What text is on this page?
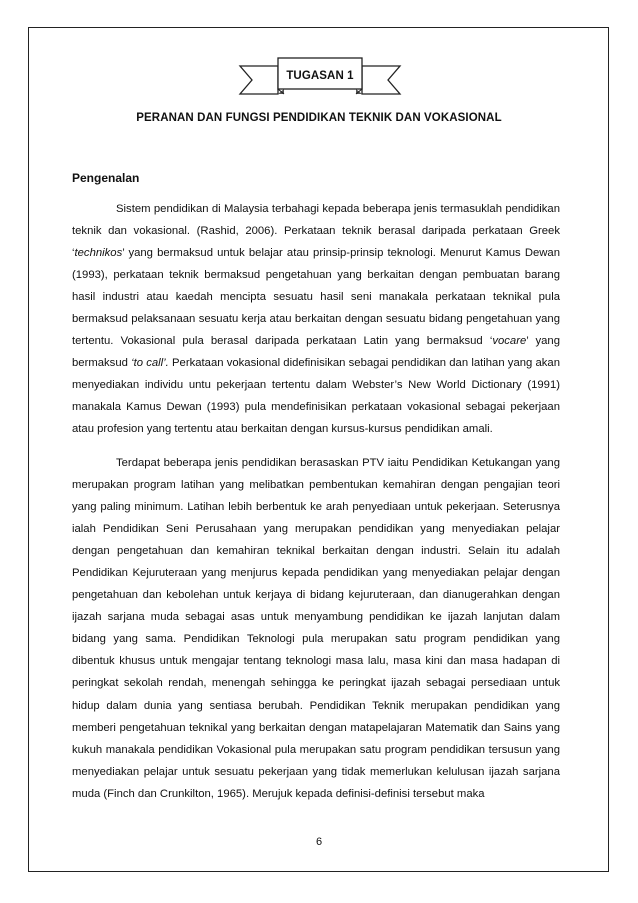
TUGASAN 1
PERANAN DAN FUNGSI PENDIDIKAN TEKNIK DAN VOKASIONAL
Pengenalan

Sistem pendidikan di Malaysia terbahagi kepada beberapa jenis termasuklah pendidikan teknik dan vokasional. (Rashid, 2006). Perkataan teknik berasal daripada perkataan Greek ‘technikos’ yang bermaksud untuk belajar atau prinsip-prinsip teknologi. Menurut Kamus Dewan (1993), perkataan teknik bermaksud pengetahuan yang berkaitan dengan pembuatan barang hasil industri atau kaedah mencipta sesuatu hasil seni manakala perkataan teknikal pula bermaksud pelaksanaan sesuatu kerja atau berkaitan dengan sesuatu bidang pengetahuan yang tertentu. Vokasional pula berasal daripada perkataan Latin yang bermaksud ‘vocare’ yang bermaksud ‘to call’. Perkataan vokasional didefinisikan sebagai pendidikan dan latihan yang akan menyediakan individu untu pekerjaan tertentu dalam Webster’s New World Dictionary (1991) manakala Kamus Dewan (1993) pula mendefinisikan perkataan vokasional sebagai pekerjaan atau profesion yang tertentu atau berkaitan dengan kursus-kursus pendidikan amali.

Terdapat beberapa jenis pendidikan berasaskan PTV iaitu Pendidikan Ketukangan yang merupakan program latihan yang melibatkan pembentukan kemahiran dengan pengajian teori yang paling minimum. Latihan lebih berbentuk ke arah penyediaan untuk pekerjaan. Seterusnya ialah Pendidikan Seni Perusahaan yang merupakan pendidikan yang menyediakan pelajar dengan pengetahuan dan kemahiran teknikal berkaitan dengan industri. Selain itu adalah Pendidikan Kejuruteraan yang menjurus kepada pendidikan yang menyediakan pelajar dengan pengetahuan dan kebolehan untuk kerjaya di bidang kejuruteraan, dan dianugerahkan dengan ijazah sarjana muda sebagai asas untuk menyambung pendidikan ke ijazah lanjutan dalam bidang yang sama. Pendidikan Teknologi pula merupakan satu program pendidikan yang dibentuk khusus untuk mengajar tentang teknologi masa lalu, masa kini dan masa hadapan di peringkat sekolah rendah, menengah sehingga ke peringkat ijazah sebagai persediaan untuk hidup dalam dunia yang sentiasa berubah. Pendidikan Teknik merupakan pendidikan yang memberi pengetahuan teknikal yang berkaitan dengan matapelajaran Matematik dan Sains yang kukuh manakala pendidikan Vokasional pula merupakan satu program pendidikan tersusun yang menyediakan pelajar untuk sesuatu pekerjaan yang tidak memerlukan kelulusan ijazah sarjana muda (Finch dan Crunkilton, 1965). Merujuk kepada definisi-definisi tersebut maka

6
